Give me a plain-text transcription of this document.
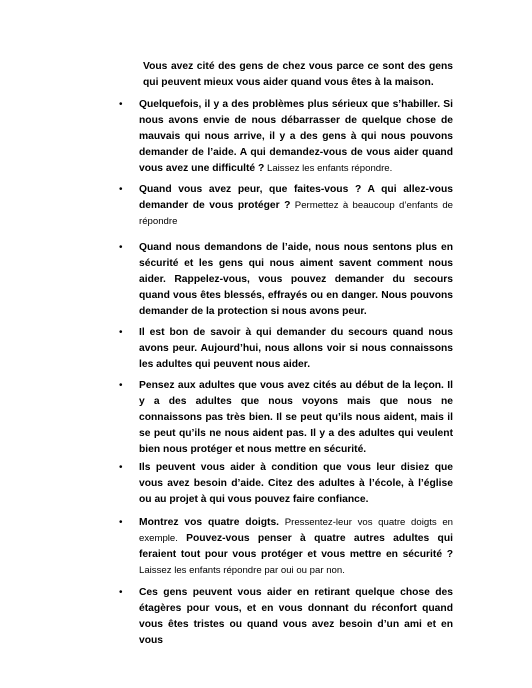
Vous avez cité des gens de chez vous parce ce sont des gens qui peuvent mieux vous aider quand vous êtes à la maison.

•	Quelquefois, il y a des problèmes plus sérieux que s’habiller. Si nous avons envie de nous débarrasser de quelque chose de mauvais qui nous arrive, il y a des gens à qui nous pouvons demander de l’aide. A qui demandez-vous de vous aider quand vous avez une difficulté ? Laissez les enfants répondre.
•	Quand vous avez peur, que faites-vous ? A qui allez-vous demander de vous protéger ? Permettez à beaucoup d’enfants de répondre
•	Quand nous demandons de l’aide, nous nous sentons plus en sécurité et les gens qui nous aiment savent comment nous aider. Rappelez-vous, vous pouvez demander du secours quand vous êtes blessés, effrayés ou en danger. Nous pouvons demander de la protection si nous avons peur.
•	Il est bon de savoir à qui demander du secours quand nous avons peur. Aujourd’hui, nous allons voir si nous connaissons les adultes qui peuvent nous aider.
•	Pensez aux adultes que vous avez cités au début de la leçon. Il y a des adultes que nous voyons mais que nous ne connaissons pas très bien. Il se peut qu’ils nous aident, mais il se peut qu’ils ne nous aident pas. Il y a des adultes qui veulent bien nous protéger et nous mettre en sécurité.
•	Ils peuvent vous aider à condition que vous leur disiez que vous avez besoin d’aide. Citez des adultes à l’école, à l’église ou au projet à qui vous pouvez faire confiance.
•	Montrez vos quatre doigts. Pressentez-leur vos quatre doigts en exemple. Pouvez-vous penser à quatre autres adultes qui feraient tout pour vous protéger et vous mettre en sécurité ? Laissez les enfants répondre par oui ou par non.
•	Ces gens peuvent vous aider en retirant quelque chose des étagères pour vous, et en vous donnant du réconfort quand vous êtes tristes ou quand vous avez besoin d’un ami et en vous
